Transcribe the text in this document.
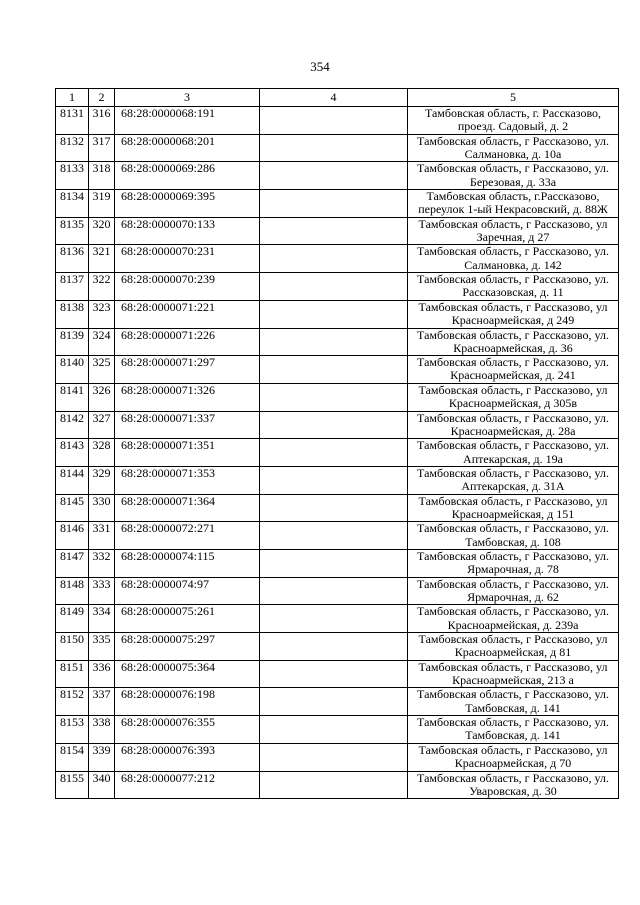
354
1	2	3	4	5
8131	316	68:28:0000068:191		Тамбовская область, г. Рассказово, проезд. Садовый, д. 2
8132	317	68:28:0000068:201		Тамбовская область, г Рассказово, ул. Салмановка, д. 10а
8133	318	68:28:0000069:286		Тамбовская область, г Рассказово, ул. Березовая, д. 33а
8134	319	68:28:0000069:395		Тамбовская область, г.Рассказово, переулок 1-ый Некрасовский, д. 88Ж
8135	320	68:28:0000070:133		Тамбовская область, г Рассказово, ул Заречная, д 27
8136	321	68:28:0000070:231		Тамбовская область, г Рассказово, ул. Салмановка, д. 142
8137	322	68:28:0000070:239		Тамбовская область, г Рассказово, ул. Рассказовская, д. 11
8138	323	68:28:0000071:221		Тамбовская область, г Рассказово, ул Красноармейская, д 249
8139	324	68:28:0000071:226		Тамбовская область, г Рассказово, ул. Красноармейская, д. 36
8140	325	68:28:0000071:297		Тамбовская область, г Рассказово, ул. Красноармейская, д. 241
8141	326	68:28:0000071:326		Тамбовская область, г Рассказово, ул Красноармейская, д 305в
8142	327	68:28:0000071:337		Тамбовская область, г Рассказово, ул. Красноармейская, д. 28а
8143	328	68:28:0000071:351		Тамбовская область, г Рассказово, ул. Аптекарская, д. 19а
8144	329	68:28:0000071:353		Тамбовская область, г Рассказово, ул. Аптекарская, д. 31А
8145	330	68:28:0000071:364		Тамбовская область, г Рассказово, ул Красноармейская, д 151
8146	331	68:28:0000072:271		Тамбовская область, г Рассказово, ул. Тамбовская, д. 108
8147	332	68:28:0000074:115		Тамбовская область, г Рассказово, ул. Ярмарочная, д. 78
8148	333	68:28:0000074:97		Тамбовская область, г Рассказово, ул. Ярмарочная, д. 62
8149	334	68:28:0000075:261		Тамбовская область, г Рассказово, ул. Красноармейская, д. 239а
8150	335	68:28:0000075:297		Тамбовская область, г Рассказово, ул Красноармейская, д 81
8151	336	68:28:0000075:364		Тамбовская область, г Рассказово, ул Красноармейская, 213 а
8152	337	68:28:0000076:198		Тамбовская область, г Рассказово, ул. Тамбовская, д. 141
8153	338	68:28:0000076:355		Тамбовская область, г Рассказово, ул. Тамбовская, д. 141
8154	339	68:28:0000076:393		Тамбовская область, г Рассказово, ул Красноармейская, д 70
8155	340	68:28:0000077:212		Тамбовская область, г Рассказово, ул. Уваровская, д. 30
